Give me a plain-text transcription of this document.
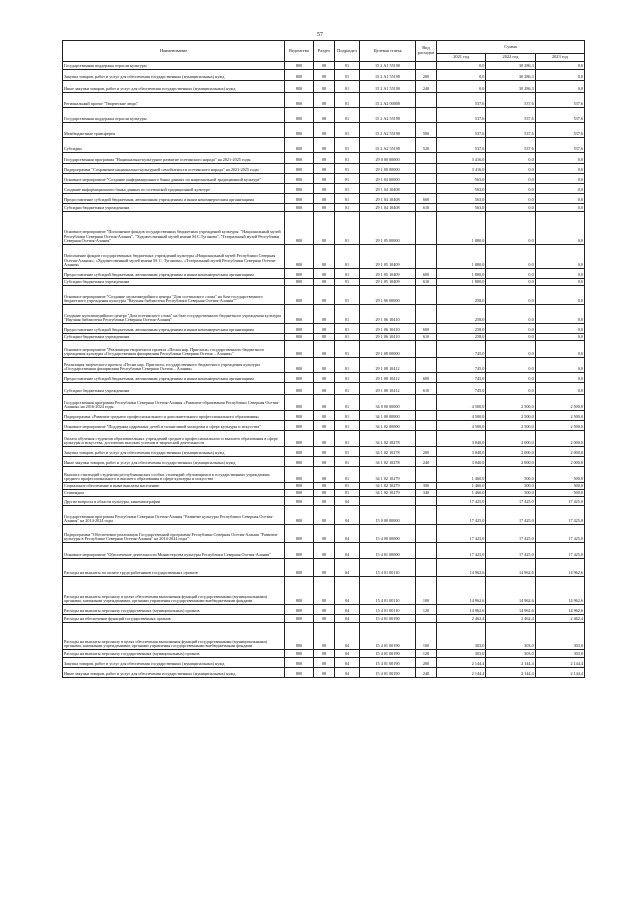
57
Наименование	Ведомство	Раздел	Подраздел	Целевая статья	Вид расходов	Сумма		
						2021 год	2022 год	2023 год
Государственная поддержка отрасли культуры	800	08	01	15 2 А1 55190		0,0	30 286,3	0,0
Закупка товаров, работ и услуг для обеспечения государственных (муниципальных) нужд	800	08	01	15 2 А1 55190	200	0,0	30 286,3	0,0
Иные закупки товаров, работ и услуг для обеспечения государственных (муниципальных) нужд	800	08	01	15 2 А1 55190	240	0,0	30 286,3	0,0
Региональный проект "Творческие люди"	800	08	01	15 2 А2 00000		537,6	537,6	537,6
Государственная поддержка отрасли культуры	800	08	01	15 2 А2 55190		537,6	537,6	537,6
Межбюджетные трансферты	800	08	01	15 2 А2 55190	500	537,6	537,6	537,6
Субсидии	800	08	01	15 2 А2 55190	520	537,6	537,6	537,6
Государственная программа "Национально-культурное развитие осетинского народа" на 2021-2025 годы	800	08	01	29 0 00 00000		3 416,0	0,0	0,0
Подпрограмма "Сохранение национально-культурной самобытности осетинского народа" на 2021-2025 годы	800	08	01	29 1 00 00000		3 416,0	0,0	0,0
Основное мероприятие "Создание информационного банка данных по национальной традиционной культуре"	800	08	01	29 1 04 00000		563,0	0,0	0,0
Создание информационного банка данных по осетинской традиционной культуре	800	08	01	29 1 04 10408		563,0	0,0	0,0
Предоставление субсидий бюджетным, автономным учреждениям и иным некоммерческим организациям	800	08	01	29 1 04 10408	600	563,0	0,0	0,0
Субсидии бюджетным учреждениям	800	08	01	29 1 04 10408	610	563,0	0,0	0,0
Основное мероприятие "Пополнение фондов государственных бюджетных учреждений культуры: "Национальный музей Республики Северная Осетия-Алания", "Художественный музей имени М.С.Туганова", "Театральный музей Республики Северная Осетия-Алания"	800	08	01	29 1 05 00000		1 800,0	0,0	0,0
Пополнение фондов государственных бюджетных учреждений культуры «Национальный музей Республики Северная Осетия-Алания», «Художественный музей имени М. С. Туганова», «Театральный музей Республики Северная Осетия-Алания»	800	08	01	29 1 05 10409		1 800,0	0,0	0,0
Предоставление субсидий бюджетным, автономным учреждениям и иным некоммерческим организациям	800	08	01	29 1 05 10409	600	1 800,0	0,0	0,0
Субсидии бюджетным учреждениям	800	08	01	29 1 05 10409	610	1 800,0	0,0	0,0
Основное мероприятие "Создание мультимедийного центра "Дом осетинского слова" на базе государственного бюджетного учреждения культуры "Научная библиотека Республики Северная Осетия-Алания""	800	08	01	29 1 06 00000		258,0	0,0	0,0
Создание мультимедийного центра "Дом осетинского слова" на базе государственного бюджетного учреждения культуры "Научная библиотека Республики Северная Осетия-Алания"	800	08	01	29 1 06 10410		258,0	0,0	0,0
Предоставление субсидий бюджетным, автономным учреждениям и иным некоммерческим организациям	800	08	01	29 1 06 10410	600	258,0	0,0	0,0
Субсидии бюджетным учреждениям	800	08	01	29 1 06 10410	610	258,0	0,0	0,0
Основное мероприятие "Реализация творческого проекта «Песни нар. Пригласи» государственного бюджетного учреждения культуры «Государственная филармония Республики Северная Осетия – Алания»"	800	08	01	29 1 08 00000		745,0	0,0	0,0
Реализация творческого проекта «Песни нар. Пригласи» государственного бюджетного учреждения культуры «Государственная филармония Республики Северная Осетия – Алания»	800	08	01	29 1 08 10412		745,0	0,0	0,0
Предоставление субсидий бюджетным, автономным учреждениям и иным некоммерческим организациям	800	08	01	29 1 08 10412	600	745,0	0,0	0,0
Субсидии бюджетным учреждениям	800	08	01	29 1 08 10412	610	745,0	0,0	0,0
Государственная программа Республики Северная Осетия-Алания «Развитие образования Республики Северная Осетия-Алания» на 2016-2024 годы	800	08	01	34 0 00 00000		4 500,0	2 500,0	2 500,0
Подпрограмма «Развитие среднего профессионального и дополнительного профессионального образования»	800	08	01	34 1 00 00000		4 500,0	2 500,0	2 500,0
Основное мероприятие "Поддержка одаренных детей и талантливой молодежи в сфере культуры и искусства"	800	08	01	34 1 02 00000		4 500,0	2 500,0	2 500,0
Оплата обучения студентов образовательных учреждений среднего профессионального и высшего образования в сфере культуры и искусства, достигших высоких успехов в творческой деятельности	800	08	01	34 1 02 10278		3 040,0	2 000,0	2 000,0
Закупка товаров, работ и услуг для обеспечения государственных (муниципальных) нужд	800	08	01	34 1 02 10278	200	3 040,0	2 000,0	2 000,0
Иные закупки товаров, работ и услуг для обеспечения государственных (муниципальных) нужд	800	08	01	34 1 02 10278	240	3 040,0	2 000,0	2 000,0
Выплата стипендий студентам республиканских особых стипендий обучающимся в государственных учреждениях среднего профессионального и высшего образования в сфере культуры и искусства	800	08	01	34 1 02 10279		1 460,0	500,0	500,0
Социальное обеспечение и иные выплаты населению	800	08	01	34 1 02 10279	300	1 460,0	500,0	500,0
Стипендии	800	08	01	34 1 02 10279	340	1 460,0	500,0	500,0
Другие вопросы в области культуры, кинематографии	800	08	04			17 425,0	17 425,0	17 425,0
Государственная программа Республики Северная Осетия-Алания "Развитие культуры Республики Северная Осетия-Алания" на 2014-2024 годы	800	08	04	15 0 00 00000		17 425,0	17 425,0	17 425,0
Подпрограмма "Обеспечение реализации Государственной программы Республики Северная Осетия-Алания "Развитие культуры в Республике Северная Осетия-Алания" на 2014-2024 годы"	800	08	04	15 4 00 00000		17 425,0	17 425,0	17 425,0
Основное мероприятие "Обеспечение деятельности Министерства культуры Республики Северная Осетия-Алания"	800	08	04	15 4 01 00000		17 425,0	17 425,0	17 425,0
Расходы на выплаты по оплате труда работников государственных органов	800	08	04	15 4 01 00110		14 962,6	14 962,6	14 962,6
Расходы на выплаты персоналу в целях обеспечения выполнения функций государственными (муниципальными) органами, казенными учреждениями, органами управления государственными внебюджетными фондами	800	08	04	15 4 01 00110	100	14 962,6	14 962,6	14 962,6
Расходы на выплаты персоналу государственных (муниципальных) органов	800	08	04	15 4 01 00110	120	14 962,6	14 962,6	14 962,6
Расходы на обеспечение функций государственных органов	800	08	04	15 4 01 00190		2 462,4	2 462,4	2 462,4
Расходы на выплаты персоналу в целях обеспечения выполнения функций государственными (муниципальными) органами, казенными учреждениями, органами управления государственными внебюджетными фондами	800	08	04	15 4 01 00190	100	303,0	303,0	303,0
Расходы на выплаты персоналу государственных (муниципальных) органов	800	08	04	15 4 01 00190	120	303,0	303,0	303,0
Закупка товаров, работ и услуг для обеспечения государственных (муниципальных) нужд	800	08	04	15 4 01 00190	200	2 144,4	2 144,4	2 144,4
Иные закупки товаров, работ и услуг для обеспечения государственных (муниципальных) нужд	800	08	04	15 4 01 00190	240	2 144,4	2 144,4	2 144,4
